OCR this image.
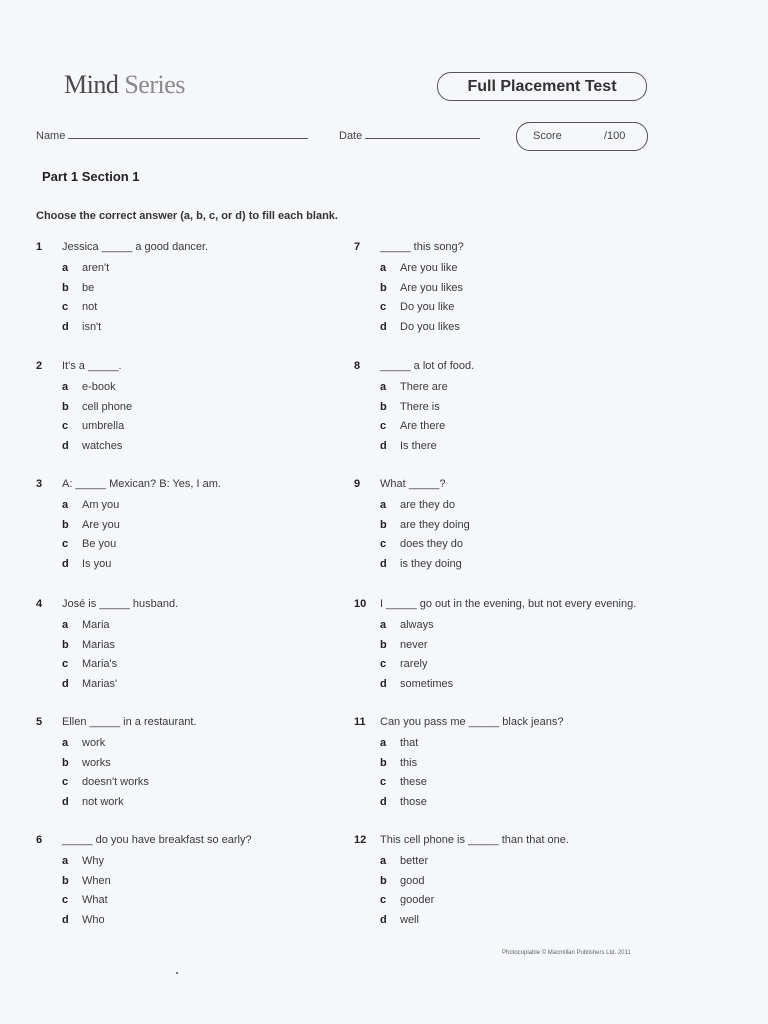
Mind Series	Full Placement Test
Name	Date	Score	/100
Part 1 Section 1
Choose the correct answer (a, b, c, or d) to fill each blank.
1 Jessica _____ a good dancer.
a aren't
b be
c not
d isn't
2 It's a _____.
a e-book
b cell phone
c umbrella
d watches
3 A: _____ Mexican? B: Yes, I am.
a Am you
b Are you
c Be you
d Is you
4 José is _____ husband.
a Maria
b Marias
c Maria's
d Marias'
5 Ellen _____ in a restaurant.
a work
b works
c doesn't works
d not work
6 _____ do you have breakfast so early?
a Why
b When
c What
d Who
7 _____ this song?
a Are you like
b Are you likes
c Do you like
d Do you likes
8 _____ a lot of food.
a There are
b There is
c Are there
d Is there
9 What _____?
a are they do
b are they doing
c does they do
d is they doing
10 I _____ go out in the evening, but not every evening.
a always
b never
c rarely
d sometimes
11 Can you pass me _____ black jeans?
a that
b this
c these
d those
12 This cell phone is _____ than that one.
a better
b good
c gooder
d well
Photocopiable © Macmillan Publishers Ltd. 2011
